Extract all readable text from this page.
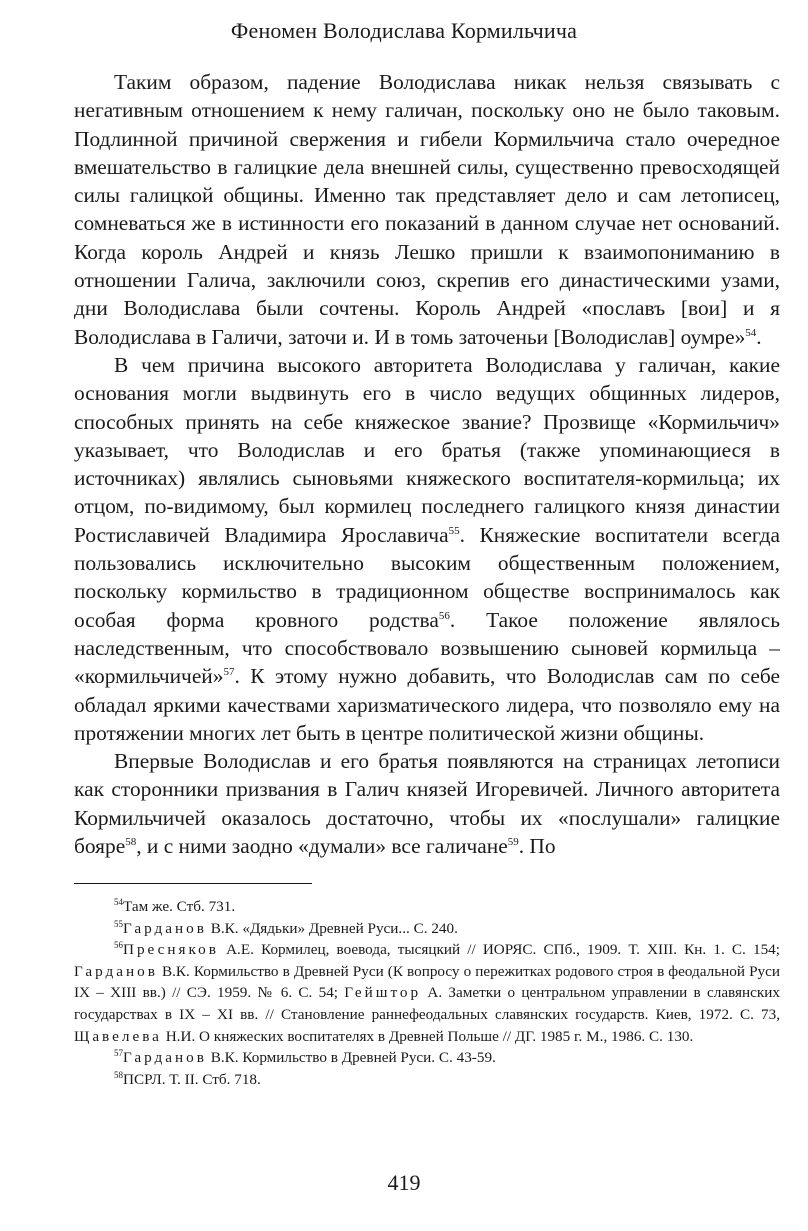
Феномен Володислава Кормильчича

Таким образом, падение Володислава никак нельзя связывать с негативным отношением к нему галичан, поскольку оно не было таковым. Подлинной причиной свержения и гибели Кормильчича стало очередное вмешательство в галицкие дела внешней силы, существенно превосходящей силы галицкой общины. Именно так представляет дело и сам летописец, сомневаться же в истинности его показаний в данном случае нет оснований. Когда король Андрей и князь Лешко пришли к взаимопониманию в отношении Галича, заключили союз, скрепив его династическими узами, дни Володислава были сочтены. Король Андрей «пославъ [вои] и я Володислава в Галичи, заточи и. И в томь заточеньи [Володислав] оумре»$^{54}$.

В чем причина высокого авторитета Володислава у галичан, какие основания могли выдвинуть его в число ведущих общинных лидеров, способных принять на себе княжеское звание? Прозвище «Кормильчич» указывает, что Володислав и его братья (также упоминающиеся в источниках) являлись сыновьями княжеского воспитателя-кормильца; их отцом, по-видимому, был кормилец последнего галицкого князя династии Ростиславичей Владимира Ярославича$^{55}$. Княжеские воспитатели всегда пользовались исключительно высоким общественным положением, поскольку кормильство в традиционном обществе воспринималось как особая форма кровного родства$^{56}$. Такое положение являлось наследственным, что способствовало возвышению сыновей кормильца – «кормильчичей»$^{57}$. К этому нужно добавить, что Володислав сам по себе обладал яркими качествами харизматического лидера, что позволяло ему на протяжении многих лет быть в центре политической жизни общины.

Впервые Володислав и его братья появляются на страницах летописи как сторонники призвания в Галич князей Игоревичей. Личного авторитета Кормильчичей оказалось достаточно, чтобы их «послушали» галицкие бояре$^{58}$, и с ними заодно «думали» все галичане$^{59}$. По

$^{54}$Там же. Стб. 731.

$^{55}$Гарданов В.К. «Дядьки» Древней Руси... С. 240.

$^{56}$Пресняков А.Е. Кормилец, воевода, тысяцкий // ИОРЯС. СПб., 1909. Т. XIII. Кн. 1. С. 154; Гарданов В.К. Кормильство в Древней Руси (К вопросу о пережитках родового строя в феодальной Руси IX – XIII вв.) // СЭ. 1959. № 6. С. 54; Гейштор А. Заметки о центральном управлении в славянских государствах в IX – XI вв. // Становление раннефеодальных славянских государств. Киев, 1972. С. 73, Щавелева Н.И. О княжеских воспитателях в Древней Польше // ДГ. 1985 г. М., 1986. С. 130.

$^{57}$Гарданов В.К. Кормильство в Древней Руси. С. 43-59.

$^{58}$ПСРЛ. Т. II. Стб. 718.

419
